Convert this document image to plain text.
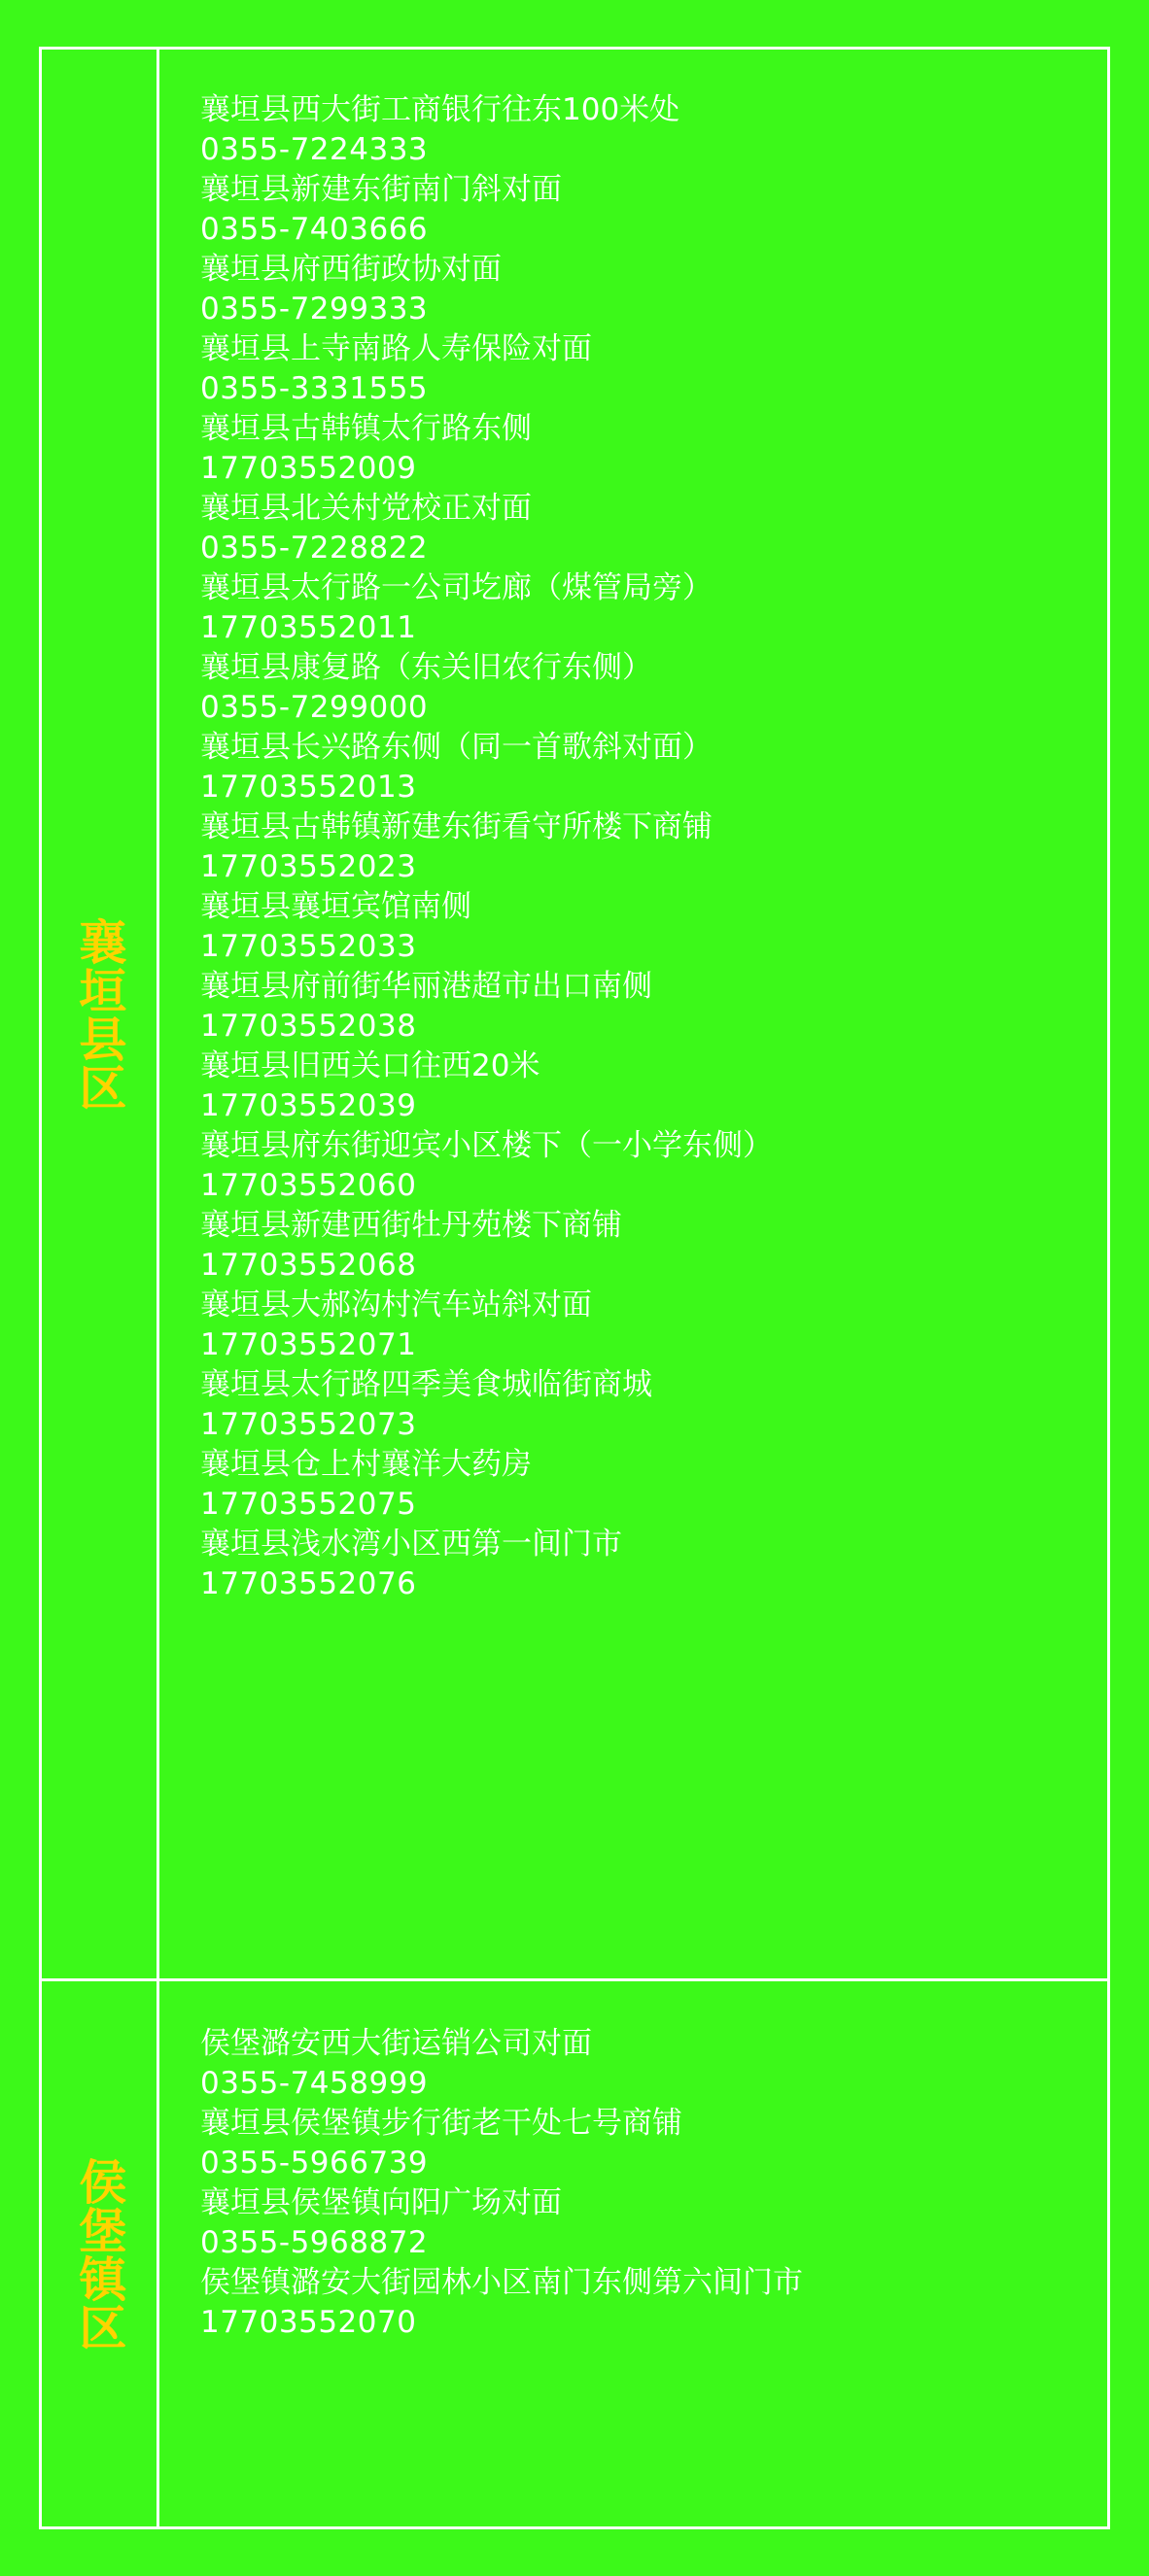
襄垣县区
襄垣县西大街工商银行往东100米处
0355-7224333
襄垣县新建东街南门斜对面
0355-7403666
襄垣县府西街政协对面
0355-7299333
襄垣县上寺南路人寿保险对面
0355-3331555
襄垣县古韩镇太行路东侧
17703552009
襄垣县北关村党校正对面
0355-7228822
襄垣县太行路一公司圪廊（煤管局旁）
17703552011
襄垣县康复路（东关旧农行东侧）
0355-7299000
襄垣县长兴路东侧（同一首歌斜对面）
17703552013
襄垣县古韩镇新建东街看守所楼下商铺
17703552023
襄垣县襄垣宾馆南侧
17703552033
襄垣县府前街华丽港超市出口南侧
17703552038
襄垣县旧西关口往西20米
17703552039
襄垣县府东街迎宾小区楼下（一小学东侧）
17703552060
襄垣县新建西街牡丹苑楼下商铺
17703552068
襄垣县大郝沟村汽车站斜对面
17703552071
襄垣县太行路四季美食城临街商城
17703552073
襄垣县仓上村襄洋大药房
17703552075
襄垣县浅水湾小区西第一间门市
17703552076
侯堡镇区
侯堡潞安西大街运销公司对面
0355-7458999
襄垣县侯堡镇步行街老干处七号商铺
0355-5966739
襄垣县侯堡镇向阳广场对面
0355-5968872
侯堡镇潞安大街园林小区南门东侧第六间门市
17703552070
